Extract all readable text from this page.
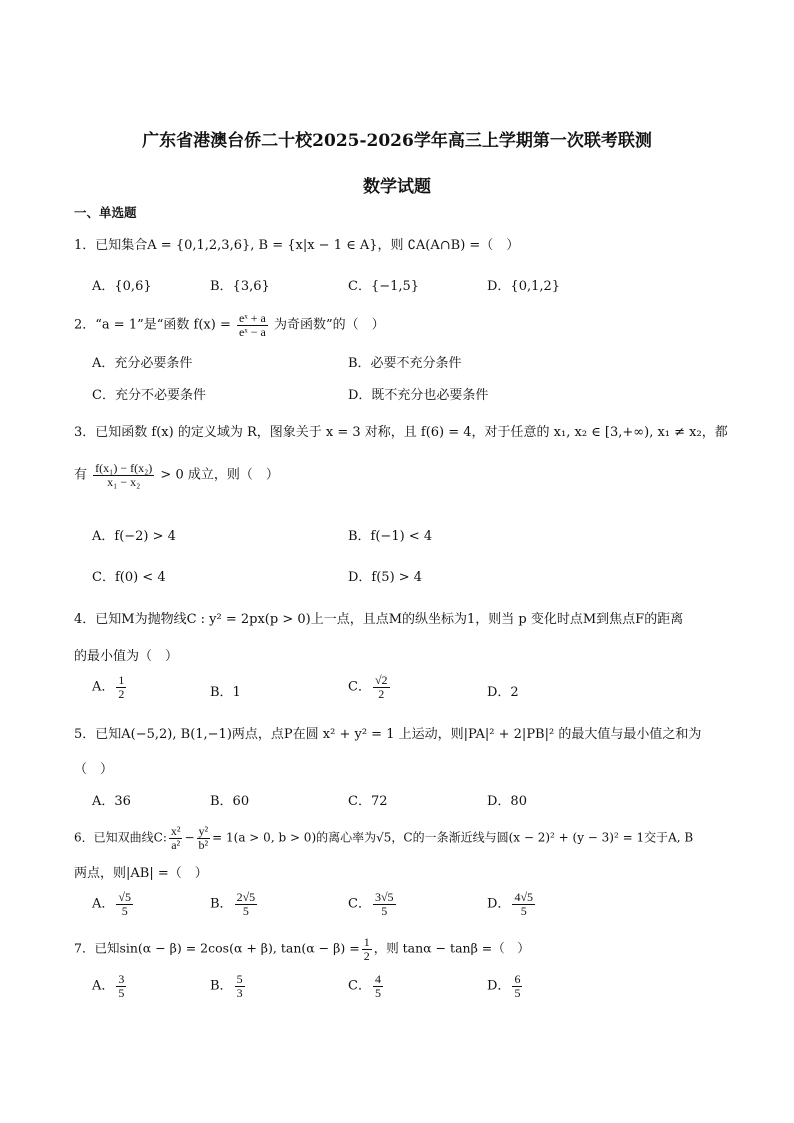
广东省港澳台侨二十校2025-2026学年高三上学期第一次联考联测
数学试题
一、单选题
1．已知集合A = {0,1,2,3,6}, B = {x|x − 1 ∈ A}，则 ∁A(A∩B) =（　）
A．{0,6}	B．{3,6}	C．{−1,5}	D．{0,1,2}
2．“a = 1”是“函数 $f(x) = \frac{\text{eˣ + a}}{\text{eˣ − a}}$ 为奇函数”的（　）
A．充分必要条件	B．必要不充分条件
C．充分不必要条件	D．既不充分也必要条件
3．已知函数 f(x) 的定义域为 R，图象关于 x = 3 对称，且 f(6) = 4，对于任意的 x₁, x₂ ∈ [3,+∞), x₁ ≠ x₂，都
有 $\frac{\text{f(x₁) − f(x₂)}}{\text{x₁ − x₂}} > 0$ 成立，则（　）
A．f(−2) > 4	B．f(−1) < 4
C．f(0) < 4	D．f(5) > 4
4．已知M为抛物线C : y² = 2px(p > 0)上一点，且点M的纵坐标为1，则当 p 变化时点M到焦点F的距离
的最小值为（　）
A． $\frac{1}{2}$	B．1	C． $\frac{√2}{2}$	D．2
5．已知A(−5,2), B(1,−1)两点，点P在圆 x² + y² = 1 上运动，则|PA|² + 2|PB|² 的最大值与最小值之和为
（　）
A．36	B．60	C．72	D．80
6．已知双曲线C: $\frac{\text{x²}}{\text{a²}} - \frac{\text{y²}}{\text{b²}} = 1(a > 0$, b > 0)的离心率为√5，C的一条渐近线与圆(x − 2)² + (y − 3)² = 1交于A, B
两点，则|AB| =（　）
A． $\frac{√5}{5}$	B． $\frac{2√5}{5}$	C． $\frac{3√5}{5}$	D． $\frac{4√5}{5}$
7．已知sin(α − β) = 2cos(α + β), $\tan(\alpha - \beta) = \frac{1}{2}$ ，则 tanα − tanβ =（　）
A． $\frac{3}{5}$	B． $\frac{5}{3}$	C． $\frac{4}{5}$	D． $\frac{6}{5}$
